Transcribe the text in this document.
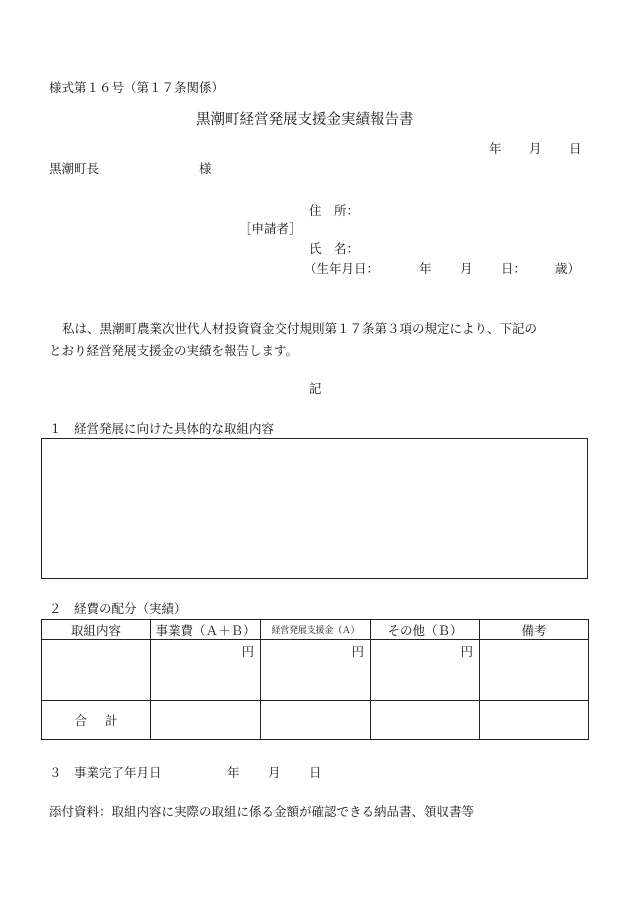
様式第１６号（第１７条関係）
黒潮町経営発展支援金実績報告書
年 月 日
黒潮町長	様
住　所：
［申請者］
氏　名：
（生年月日：	年 月 日： 歳）
私は、黒潮町農業次世代人材投資資金交付規則第１７条第３項の規定により、下記の
とおり経営発展支援金の実績を報告します。
記
１　経営発展に向けた具体的な取組内容
２　経費の配分（実績）
取組内容	事業費（Ａ＋Ｂ）	経営発展支援金（Ａ）	その他（Ｂ）	備考
	円	円	円	
合計				
３　事業完了年月日	年 月 日
添付資料：取組内容に実際の取組に係る金額が確認できる納品書、領収書等
